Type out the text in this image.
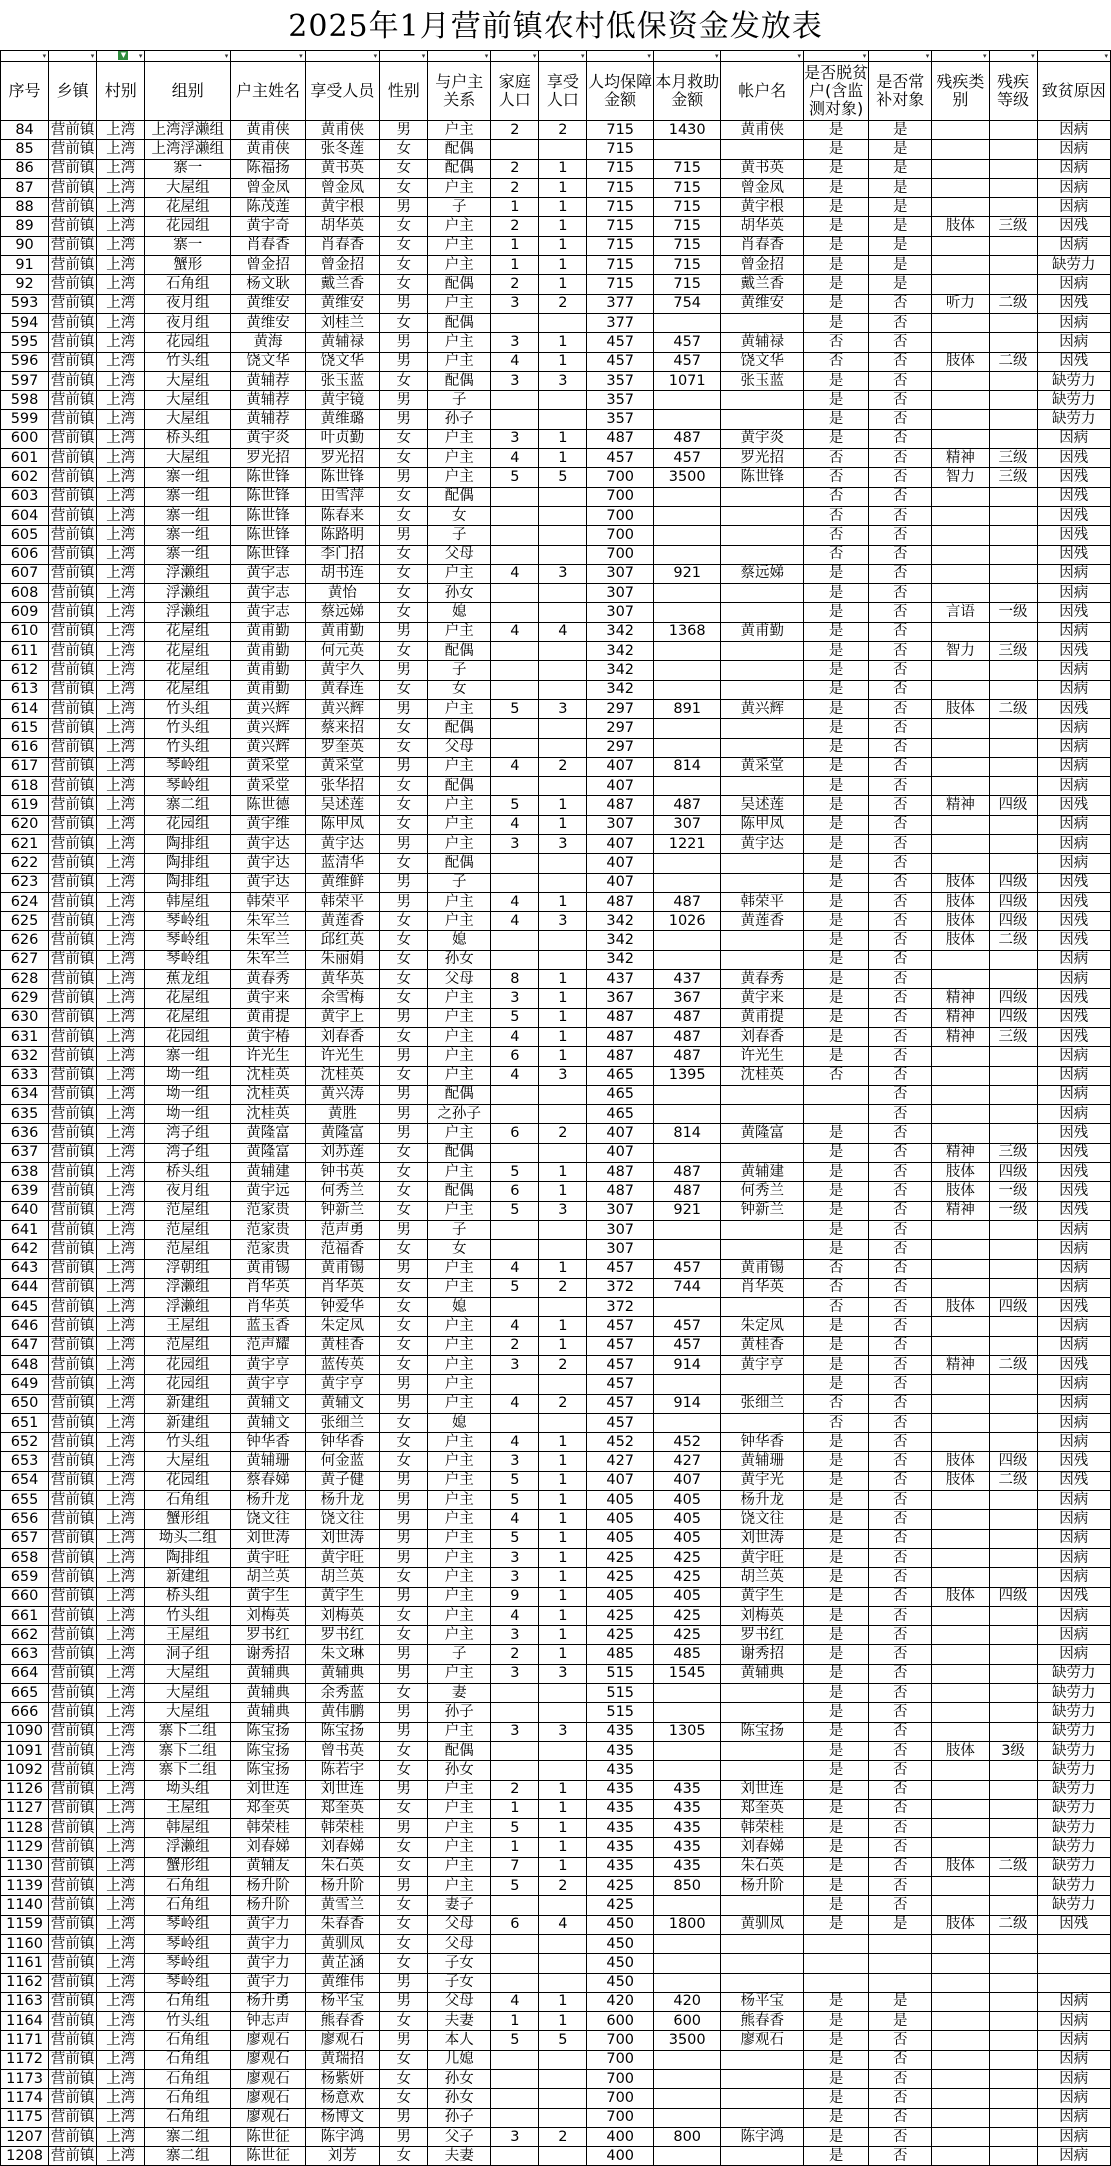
2025年1月营前镇农村低保资金发放表
▾	▾	▾
▼	▾	▾	▾	▾	▾	▾	▾	▾	▾	▾	▾	▾	▾	▾	▾

序号	乡镇	村别	组别	户主姓名	享受人员	性别	与户主关系	家庭人口	享受人口	人均保障金额	本月救助金额	帐户名	是否脱贫户(含监测对象)	是否常补对象	残疾类别	残疾等级	致贫原因
84	营前镇	上湾	上湾浮濑组	黄甫侠	黄甫侠	男	户主	2	2	715	1430	黄甫侠	是	是			因病
85	营前镇	上湾	上湾浮濑组	黄甫侠	张冬莲	女	配偶			715			是	是			因病
86	营前镇	上湾	寨一	陈福扬	黄书英	女	配偶	2	1	715	715	黄书英	是	是			因病
87	营前镇	上湾	大屋组	曾金凤	曾金凤	女	户主	2	1	715	715	曾金凤	是	是			因病
88	营前镇	上湾	花屋组	陈茂莲	黄宇根	男	子	1	1	715	715	黄宇根	是	是			因病
89	营前镇	上湾	花园组	黄宇奇	胡华英	女	户主	2	1	715	715	胡华英	是	是	肢体	三级	因残
90	营前镇	上湾	寨一	肖春香	肖春香	女	户主	1	1	715	715	肖春香	是	是			因病
91	营前镇	上湾	蟹形	曾金招	曾金招	女	户主	1	1	715	715	曾金招	是	是			缺劳力
92	营前镇	上湾	石角组	杨文耿	戴兰香	女	配偶	2	1	715	715	戴兰香	是	是			因病
593	营前镇	上湾	夜月组	黄维安	黄维安	男	户主	3	2	377	754	黄维安	是	否	听力	二级	因残
594	营前镇	上湾	夜月组	黄维安	刘桂兰	女	配偶			377			是	否			因病
595	营前镇	上湾	花园组	黄海	黄辅禄	男	户主	3	1	457	457	黄辅禄	否	否			因病
596	营前镇	上湾	竹头组	饶文华	饶文华	男	户主	4	1	457	457	饶文华	否	否	肢体	二级	因残
597	营前镇	上湾	大屋组	黄辅荐	张玉蓝	女	配偶	3	3	357	1071	张玉蓝	是	否			缺劳力
598	营前镇	上湾	大屋组	黄辅荐	黄宇镜	男	子			357			是	否			缺劳力
599	营前镇	上湾	大屋组	黄辅荐	黄维璐	男	孙子			357			是	否			缺劳力
600	营前镇	上湾	桥头组	黄宇炎	叶贞勤	女	户主	3	1	487	487	黄宇炎	是	否			因病
601	营前镇	上湾	大屋组	罗光招	罗光招	女	户主	4	1	457	457	罗光招	否	否	精神	三级	因残
602	营前镇	上湾	寨一组	陈世锋	陈世锋	男	户主	5	5	700	3500	陈世锋	否	否	智力	三级	因残
603	营前镇	上湾	寨一组	陈世锋	田雪萍	女	配偶			700			否	否			因残
604	营前镇	上湾	寨一组	陈世锋	陈春来	女	女			700			否	否			因残
605	营前镇	上湾	寨一组	陈世锋	陈路明	男	子			700			否	否			因残
606	营前镇	上湾	寨一组	陈世锋	李门招	女	父母			700			否	否			因残
607	营前镇	上湾	浮濑组	黄宇志	胡书连	女	户主	4	3	307	921	蔡远娣	是	否			因病
608	营前镇	上湾	浮濑组	黄宇志	黄怡	女	孙女			307			是	否			因病
609	营前镇	上湾	浮濑组	黄宇志	蔡远娣	女	媳			307			是	否	言语	一级	因残
610	营前镇	上湾	花屋组	黄甫勤	黄甫勤	男	户主	4	4	342	1368	黄甫勤	是	否			因病
611	营前镇	上湾	花屋组	黄甫勤	何元英	女	配偶			342			是	否	智力	三级	因残
612	营前镇	上湾	花屋组	黄甫勤	黄宇久	男	子			342			是	否			因病
613	营前镇	上湾	花屋组	黄甫勤	黄春连	女	女			342			是	否			因病
614	营前镇	上湾	竹头组	黄兴辉	黄兴辉	男	户主	5	3	297	891	黄兴辉	是	否	肢体	二级	因残
615	营前镇	上湾	竹头组	黄兴辉	蔡来招	女	配偶			297			是	否			因病
616	营前镇	上湾	竹头组	黄兴辉	罗奎英	女	父母			297			是	否			因病
617	营前镇	上湾	琴岭组	黄采堂	黄采堂	男	户主	4	2	407	814	黄采堂	是	否			因病
618	营前镇	上湾	琴岭组	黄采堂	张华招	女	配偶			407			是	否			因病
619	营前镇	上湾	寨二组	陈世德	吴述莲	女	户主	5	1	487	487	吴述莲	是	否	精神	四级	因残
620	营前镇	上湾	花园组	黄宇维	陈甲凤	女	户主	4	1	307	307	陈甲凤	是	否			因病
621	营前镇	上湾	陶排组	黄宇达	黄宇达	男	户主	3	3	407	1221	黄宇达	是	否			因病
622	营前镇	上湾	陶排组	黄宇达	蓝清华	女	配偶			407			是	否			因病
623	营前镇	上湾	陶排组	黄宇达	黄维鲜	男	子			407			是	否	肢体	四级	因残
624	营前镇	上湾	韩屋组	韩荣平	韩荣平	男	户主	4	1	487	487	韩荣平	是	否	肢体	四级	因残
625	营前镇	上湾	琴岭组	朱军兰	黄莲香	女	户主	4	3	342	1026	黄莲香	是	否	肢体	四级	因残
626	营前镇	上湾	琴岭组	朱军兰	邱红英	女	媳			342			是	否	肢体	二级	因残
627	营前镇	上湾	琴岭组	朱军兰	朱丽娟	女	孙女			342			是	否			因病
628	营前镇	上湾	蕉龙组	黄春秀	黄华英	女	父母	8	1	437	437	黄春秀	是	否			因病
629	营前镇	上湾	花屋组	黄宇来	余雪梅	女	户主	3	1	367	367	黄宇来	是	否	精神	四级	因残
630	营前镇	上湾	花屋组	黄甫提	黄宇上	男	户主	5	1	487	487	黄甫提	是	否	精神	四级	因残
631	营前镇	上湾	花园组	黄宇椿	刘春香	女	户主	4	1	487	487	刘春香	是	否	精神	三级	因残
632	营前镇	上湾	寨一组	许光生	许光生	男	户主	6	1	487	487	许光生	是	否			因病
633	营前镇	上湾	坳一组	沈桂英	沈桂英	女	户主	4	3	465	1395	沈桂英	否	否			因病
634	营前镇	上湾	坳一组	沈桂英	黄兴涛	男	配偶			465				否			因病
635	营前镇	上湾	坳一组	沈桂英	黄胜	男	之孙子			465				否			因病
636	营前镇	上湾	湾子组	黄隆富	黄隆富	男	户主	6	2	407	814	黄隆富	是	否			因残
637	营前镇	上湾	湾子组	黄隆富	刘苏莲	女	配偶			407			是	否	精神	三级	因残
638	营前镇	上湾	桥头组	黄辅建	钟书英	女	户主	5	1	487	487	黄辅建	是	否	肢体	四级	因残
639	营前镇	上湾	夜月组	黄宇远	何秀兰	女	配偶	6	1	487	487	何秀兰	是	否	肢体	一级	因残
640	营前镇	上湾	范屋组	范家贵	钟新兰	女	户主	5	3	307	921	钟新兰	是	否	精神	一级	因残
641	营前镇	上湾	范屋组	范家贵	范声勇	男	子			307			是	否			因病
642	营前镇	上湾	范屋组	范家贵	范福香	女	女			307			是	否			因病
643	营前镇	上湾	浮朝组	黄甫锡	黄甫锡	男	户主	4	1	457	457	黄甫锡	否	否			因病
644	营前镇	上湾	浮濑组	肖华英	肖华英	女	户主	5	2	372	744	肖华英	否	否			因病
645	营前镇	上湾	浮濑组	肖华英	钟爱华	女	媳			372			否	否	肢体	四级	因残
646	营前镇	上湾	王屋组	蓝玉香	朱定凤	女	户主	4	1	457	457	朱定凤	是	否			因病
647	营前镇	上湾	范屋组	范声耀	黄桂香	女	户主	2	1	457	457	黄桂香	是	否			因病
648	营前镇	上湾	花园组	黄宇亨	蓝传英	女	户主	3	2	457	914	黄宇亨	是	否	精神	二级	因残
649	营前镇	上湾	花园组	黄宇亨	黄宇亨	男	户主			457			是	否			因病
650	营前镇	上湾	新建组	黄辅文	黄辅文	男	户主	4	2	457	914	张细兰	否	否			因病
651	营前镇	上湾	新建组	黄辅文	张细兰	女	媳			457			否	否			因病
652	营前镇	上湾	竹头组	钟华香	钟华香	女	户主	4	1	452	452	钟华香	是	否			因病
653	营前镇	上湾	大屋组	黄辅珊	何金蓝	女	户主	3	1	427	427	黄辅珊	是	否	肢体	四级	因残
654	营前镇	上湾	花园组	蔡春娣	黄子健	男	户主	5	1	407	407	黄宇光	是	否	肢体	二级	因残
655	营前镇	上湾	石角组	杨升龙	杨升龙	男	户主	5	1	405	405	杨升龙	是	否			因病
656	营前镇	上湾	蟹形组	饶文往	饶文往	男	户主	4	1	405	405	饶文往	是	否			因病
657	营前镇	上湾	坳头二组	刘世涛	刘世涛	男	户主	5	1	405	405	刘世涛	是	否			因病
658	营前镇	上湾	陶排组	黄宇旺	黄宇旺	男	户主	3	1	425	425	黄宇旺	是	否			因病
659	营前镇	上湾	新建组	胡兰英	胡兰英	女	户主	3	1	425	425	胡兰英	是	否			因病
660	营前镇	上湾	桥头组	黄宇生	黄宇生	男	户主	9	1	405	405	黄宇生	是	否	肢体	四级	因残
661	营前镇	上湾	竹头组	刘梅英	刘梅英	女	户主	4	1	425	425	刘梅英	是	否			因病
662	营前镇	上湾	王屋组	罗书红	罗书红	女	户主	3	1	425	425	罗书红	是	否			因病
663	营前镇	上湾	洞子组	谢秀招	朱文琳	男	子	2	1	485	485	谢秀招	是	否			因病
664	营前镇	上湾	大屋组	黄辅典	黄辅典	男	户主	3	3	515	1545	黄辅典	是	否			缺劳力
665	营前镇	上湾	大屋组	黄辅典	余秀蓝	女	妻			515			是	否			缺劳力
666	营前镇	上湾	大屋组	黄辅典	黄伟鹏	男	孙子			515			是	否			缺劳力
1090	营前镇	上湾	寨下二组	陈宝扬	陈宝扬	男	户主	3	3	435	1305	陈宝扬	是	否			缺劳力
1091	营前镇	上湾	寨下二组	陈宝扬	曾书英	女	配偶			435			是	否	肢体	3级	缺劳力
1092	营前镇	上湾	寨下二组	陈宝扬	陈若宇	女	孙女			435			是	否			缺劳力
1126	营前镇	上湾	坳头组	刘世连	刘世连	男	户主	2	1	435	435	刘世连	是	否			缺劳力
1127	营前镇	上湾	王屋组	郑奎英	郑奎英	女	户主	1	1	435	435	郑奎英	是	否			缺劳力
1128	营前镇	上湾	韩屋组	韩荣桂	韩荣桂	男	户主	5	1	435	435	韩荣桂	是	否			缺劳力
1129	营前镇	上湾	浮濑组	刘春娣	刘春娣	女	户主	1	1	435	435	刘春娣	是	否			缺劳力
1130	营前镇	上湾	蟹形组	黄辅友	朱石英	女	户主	7	1	435	435	朱石英	是	否	肢体	二级	缺劳力
1139	营前镇	上湾	石角组	杨升阶	杨升阶	男	户主	5	2	425	850	杨升阶	是	否			缺劳力
1140	营前镇	上湾	石角组	杨升阶	黄雪兰	女	妻子			425			是	否			缺劳力
1159	营前镇	上湾	琴岭组	黄宇力	朱春香	女	父母	6	4	450	1800	黄驯凤	是	是	肢体	二级	因残
1160	营前镇	上湾	琴岭组	黄宇力	黄驯凤	女	父母			450							
1161	营前镇	上湾	琴岭组	黄宇力	黄芷涵	女	子女			450							
1162	营前镇	上湾	琴岭组	黄宇力	黄维伟	男	子女			450							
1163	营前镇	上湾	石角组	杨升勇	杨平宝	男	父母	4	1	420	420	杨平宝	是	是			因病
1164	营前镇	上湾	竹头组	钟志声	熊春香	女	夫妻	1	1	600	600	熊春香	是	是			因病
1171	营前镇	上湾	石角组	廖观石	廖观石	男	本人	5	5	700	3500	廖观石	是	否			因病
1172	营前镇	上湾	石角组	廖观石	黄瑞招	女	儿媳			700			是	否			因病
1173	营前镇	上湾	石角组	廖观石	杨紫妍	女	孙女			700			是	否			因病
1174	营前镇	上湾	石角组	廖观石	杨意欢	女	孙女			700			是	否			因病
1175	营前镇	上湾	石角组	廖观石	杨博文	男	孙子			700			是	否			因病
1207	营前镇	上湾	寨二组	陈世征	陈宇鸿	男	父子	3	2	400	800	陈宇鸿	是	否			因病
1208	营前镇	上湾	寨二组	陈世征	刘芳	女	夫妻			400			是	否			因病
